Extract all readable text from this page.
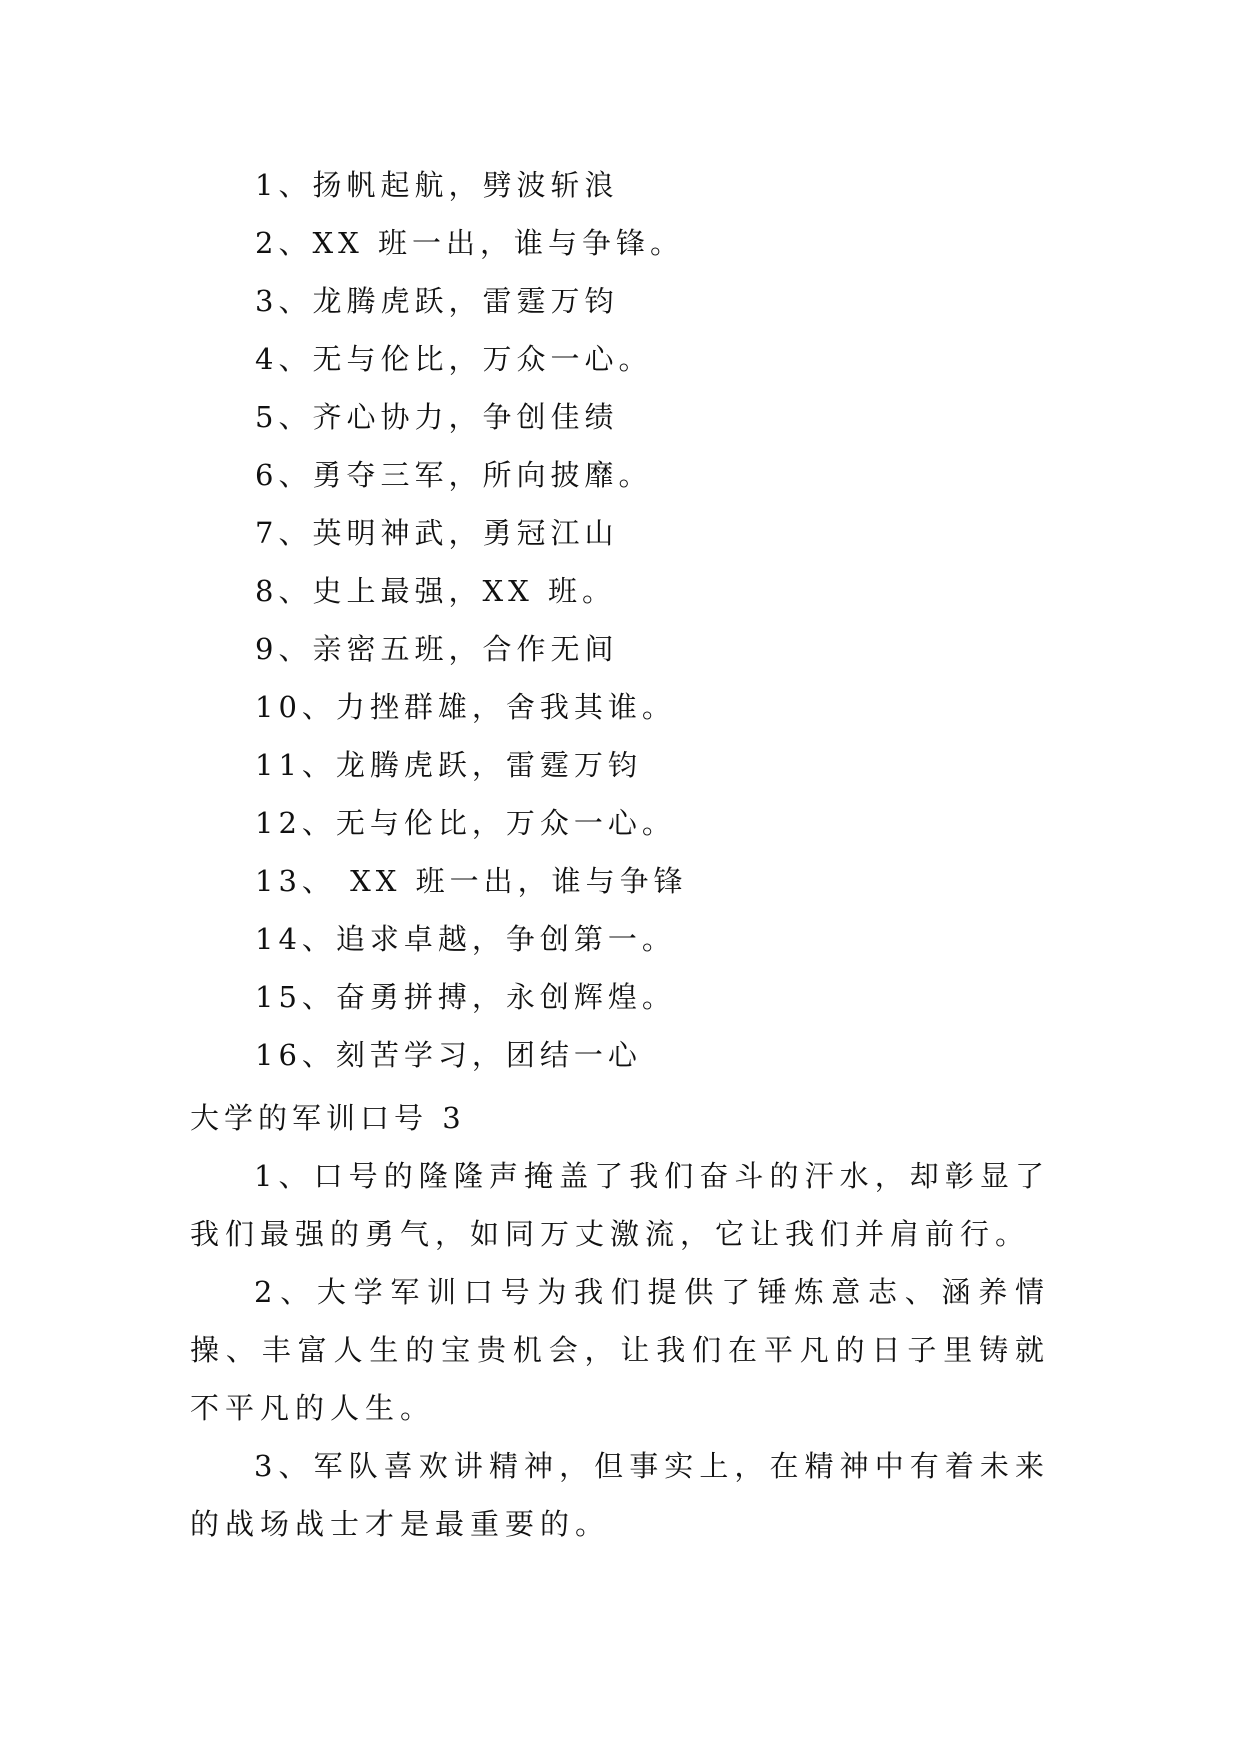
1、扬帆起航，劈波斩浪
2、XX 班一出，谁与争锋。
3、龙腾虎跃，雷霆万钧
4、无与伦比，万众一心。
5、齐心协力，争创佳绩
6、勇夺三军，所向披靡。
7、英明神武，勇冠江山
8、史上最强，XX 班。
9、亲密五班，合作无间
10、力挫群雄，舍我其谁。
11、龙腾虎跃，雷霆万钧
12、无与伦比，万众一心。
13、 XX 班一出，谁与争锋
14、追求卓越，争创第一。
15、奋勇拼搏，永创辉煌。
16、刻苦学习，团结一心
大学的军训口号 3

1、口号的隆隆声掩盖了我们奋斗的汗水，却彰显了我们最强的勇气，如同万丈激流，它让我们并肩前行。

2、大学军训口号为我们提供了锤炼意志、涵养情操、丰富人生的宝贵机会，让我们在平凡的日子里铸就不平凡的人生。

3、军队喜欢讲精神，但事实上，在精神中有着未来的战场战士才是最重要的。
